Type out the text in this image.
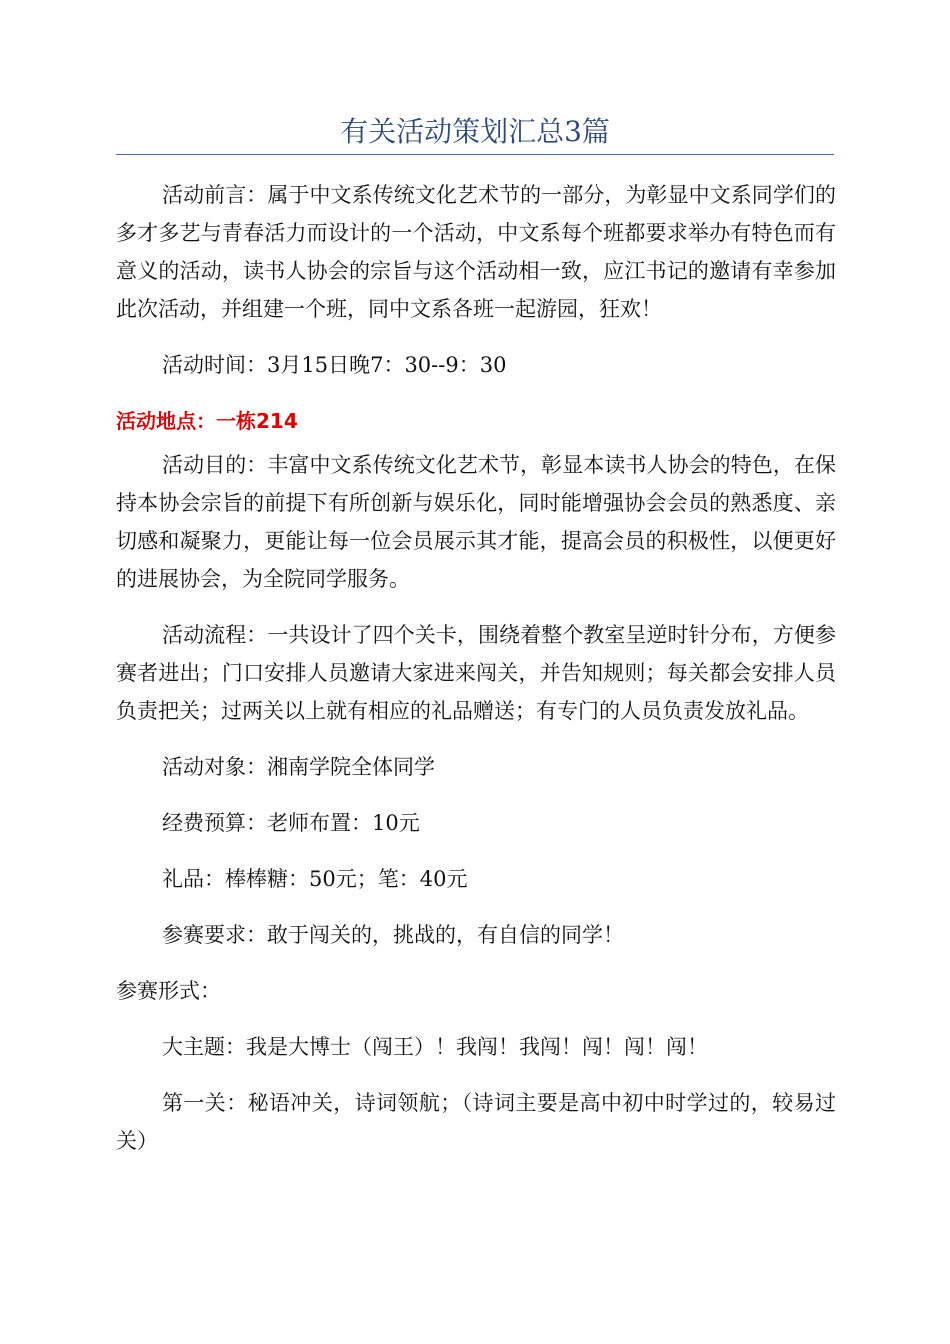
有关活动策划汇总3篇

活动前言：属于中文系传统文化艺术节的一部分，为彰显中文系同学们的多才多艺与青春活力而设计的一个活动，中文系每个班都要求举办有特色而有意义的活动，读书人协会的宗旨与这个活动相一致，应江书记的邀请有幸参加此次活动，并组建一个班，同中文系各班一起游园，狂欢！

活动时间：3月15日晚7：30--9：30

活动地点：一栋214

活动目的：丰富中文系传统文化艺术节，彰显本读书人协会的特色，在保持本协会宗旨的前提下有所创新与娱乐化，同时能增强协会会员的熟悉度、亲切感和凝聚力，更能让每一位会员展示其才能，提高会员的积极性，以便更好的进展协会，为全院同学服务。

活动流程：一共设计了四个关卡，围绕着整个教室呈逆时针分布，方便参赛者进出；门口安排人员邀请大家进来闯关，并告知规则；每关都会安排人员负责把关；过两关以上就有相应的礼品赠送；有专门的人员负责发放礼品。

活动对象：湘南学院全体同学

经费预算：老师布置：10元

礼品：棒棒糖：50元；笔：40元

参赛要求：敢于闯关的，挑战的，有自信的同学！

参赛形式：

大主题：我是大博士（闯王）！我闯！我闯！闯！闯！闯！

第一关：秘语冲关，诗词领航；（诗词主要是高中初中时学过的，较易过关）
